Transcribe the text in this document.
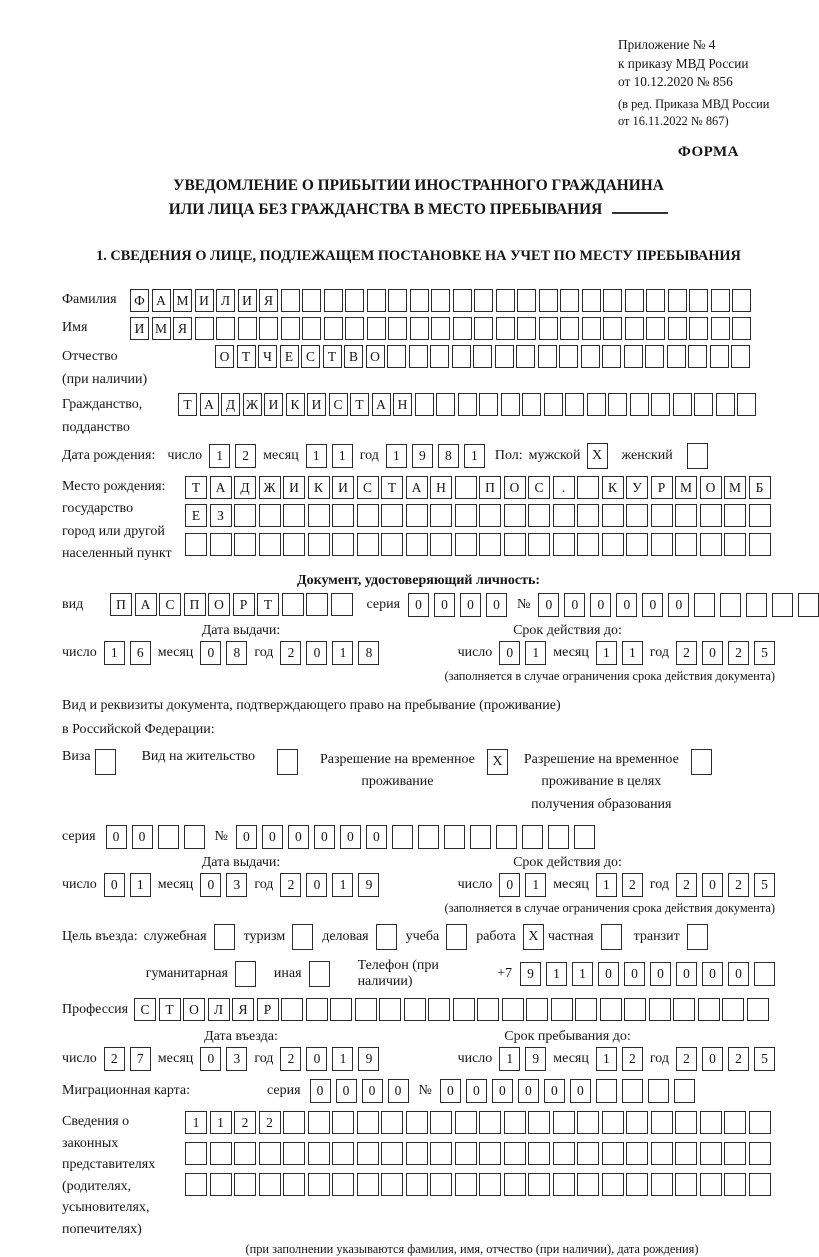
Приложение № 4
к приказу МВД России
от 10.12.2020 № 856
(в ред. Приказа МВД России
от 16.11.2022 № 867)
ФОРМА
УВЕДОМЛЕНИЕ О ПРИБЫТИИ ИНОСТРАННОГО ГРАЖДАНИНА
ИЛИ ЛИЦА БЕЗ ГРАЖДАНСТВА В МЕСТО ПРЕБЫВАНИЯ
1. СВЕДЕНИЯ О ЛИЦЕ, ПОДЛЕЖАЩЕМ ПОСТАНОВКЕ НА УЧЕТ ПО МЕСТУ ПРЕБЫВАНИЯ
Фамилия	Ф А М И Л И Я
Имя	И М Я
Отчество
(при наличии)
О Т Ч Е С Т В О
Гражданство,
подданство
Т А Д Ж И К И С Т А Н
Дата рождения: число	1	2	месяц	1	1	год	1	9	8	1	Пол: мужской X	женский
Место рождения:
государство
город или другой
населенный пункт
Т	А	Д	Ж	И	К	И	С	Т	А	Н	П	О	С	.	К	У	Р	М	О	М	Б
Е	З
Документ, удостоверяющий личность:
вид	П	А	С	П	О	Р	Т	серия	0	0	0	0	№	0	0	0	0	0	0
Дата выдачи:	Срок действия до:
число	1	6	месяц	0	8	год	2	0	1	8	число	0	1	месяц	1	1	год	2	0	2	5
(заполняется в случае ограничения срока действия документа)
Вид и реквизиты документа, подтверждающего право на пребывание (проживание)
в Российской Федерации:
Виза	Вид на жительство	Разрешение на временное
проживание
X	Разрешение на временное
проживание в целях
получения образования
серия	0	0	№	0	0	0	0	0	0
Дата выдачи:	Срок действия до:
число	0	1	месяц	0	3	год	2	0	1	9	число	0	1	месяц	1	2	год	2	0	2	5
(заполняется в случае ограничения срока действия документа)
Цель въезда: служебная	туризм	деловая	учеба	работа X частная	транзит
гуманитарная	иная
Телефон (при наличии)
+7	9	1	1	0	0	0	0	0	0
Профессия С	Т	О	Л	Я	Р
Дата въезда:	Срок пребывания до:
число	2	7	месяц	0	3	год	2	0	1	9	число	1	9	месяц	1	2	год	2	0	2	5
Миграционная карта:	серия	0	0	0	0	№	0	0	0	0	0	0
Сведения о
законных
представителях
(родителях,
усыновителях,
попечителях)
1	1	2	2
(при заполнении указываются фамилия, имя, отчество (при наличии), дата рождения)
